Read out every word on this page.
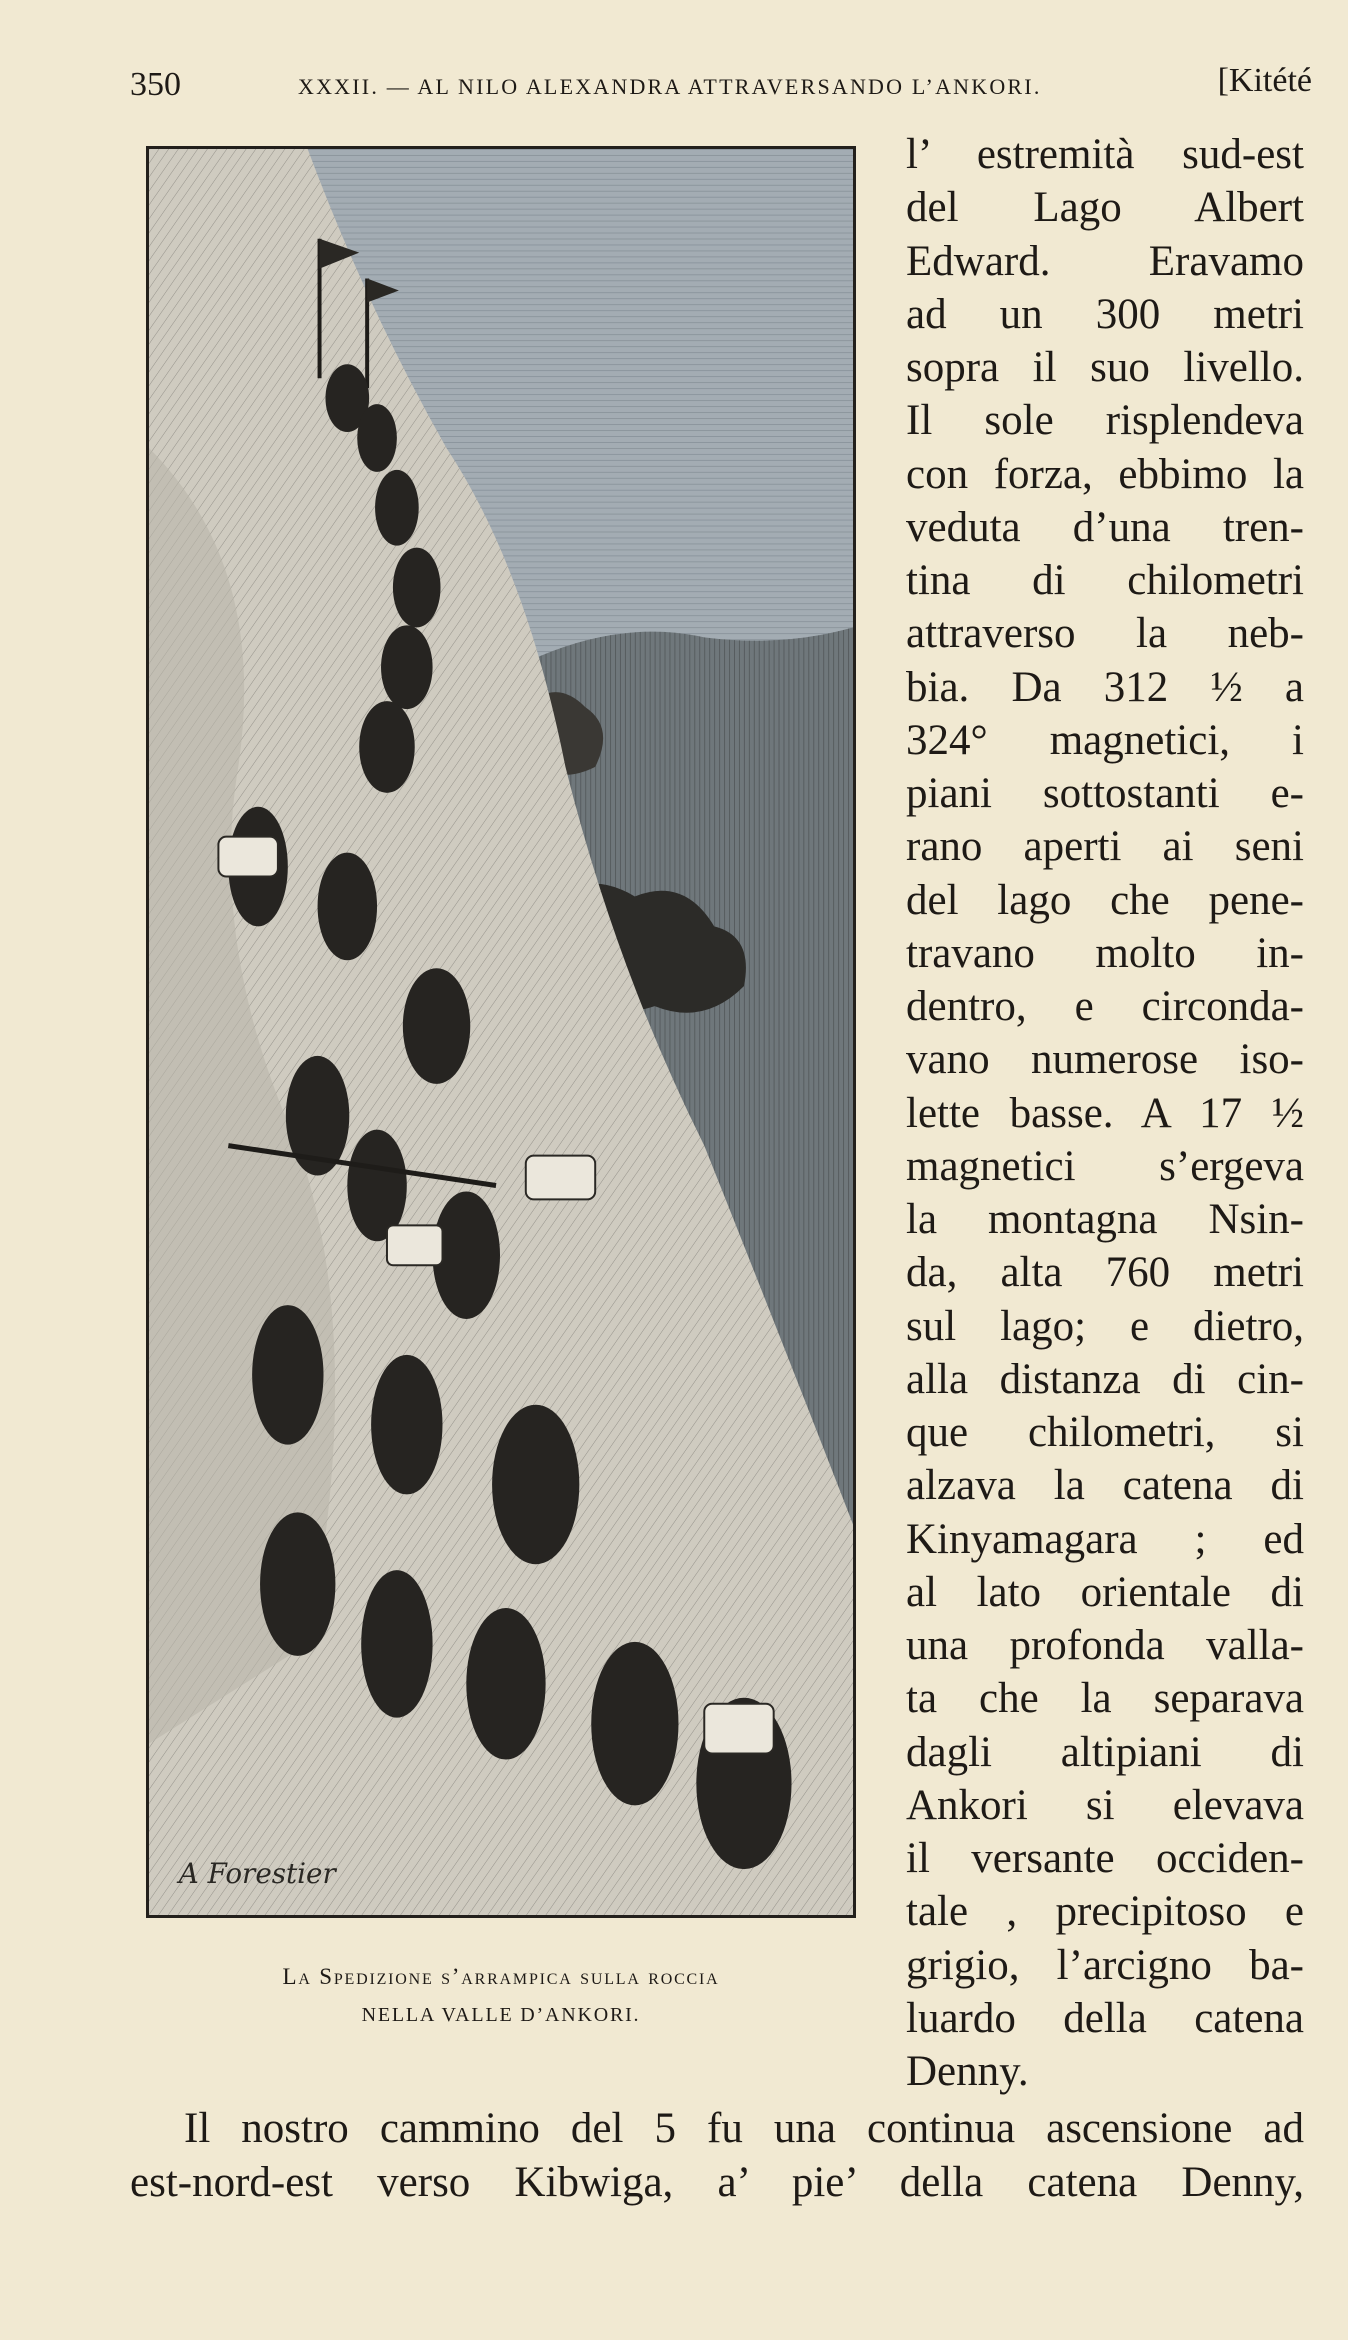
350	XXXII. — AL NILO ALEXANDRA ATTRAVERSANDO L’ANKORI.	[Kitété
A Forestier
La Spedizione s’arrampica sulla roccia
NELLA VALLE D’ANKORI.
l’ estremità sud-est
del Lago Albert
Edward. Eravamo
ad un 300 metri
sopra il suo livello.
Il sole risplendeva
con forza, ebbimo la
veduta d’una tren-
tina di chilometri
attraverso la neb-
bia. Da 312 ½ a
324° magnetici, i
piani sottostanti e-
rano aperti ai seni
del lago che pene-
travano molto in-
dentro, e circonda-
vano numerose iso-
lette basse. A 17 ½
magnetici s’ergeva
la montagna Nsin-
da, alta 760 metri
sul lago; e dietro,
alla distanza di cin-
que chilometri, si
alzava la catena di
Kinyamagara ; ed
al lato orientale di
una profonda valla-
ta che la separava
dagli altipiani di
Ankori si elevava
il versante occiden-
tale , precipitoso e
grigio, l’arcigno ba-
luardo della catena
Denny.
Il nostro cammino del 5 fu una continua ascensione ad
est-nord-est verso Kibwiga, a’ pie’ della catena Denny,
